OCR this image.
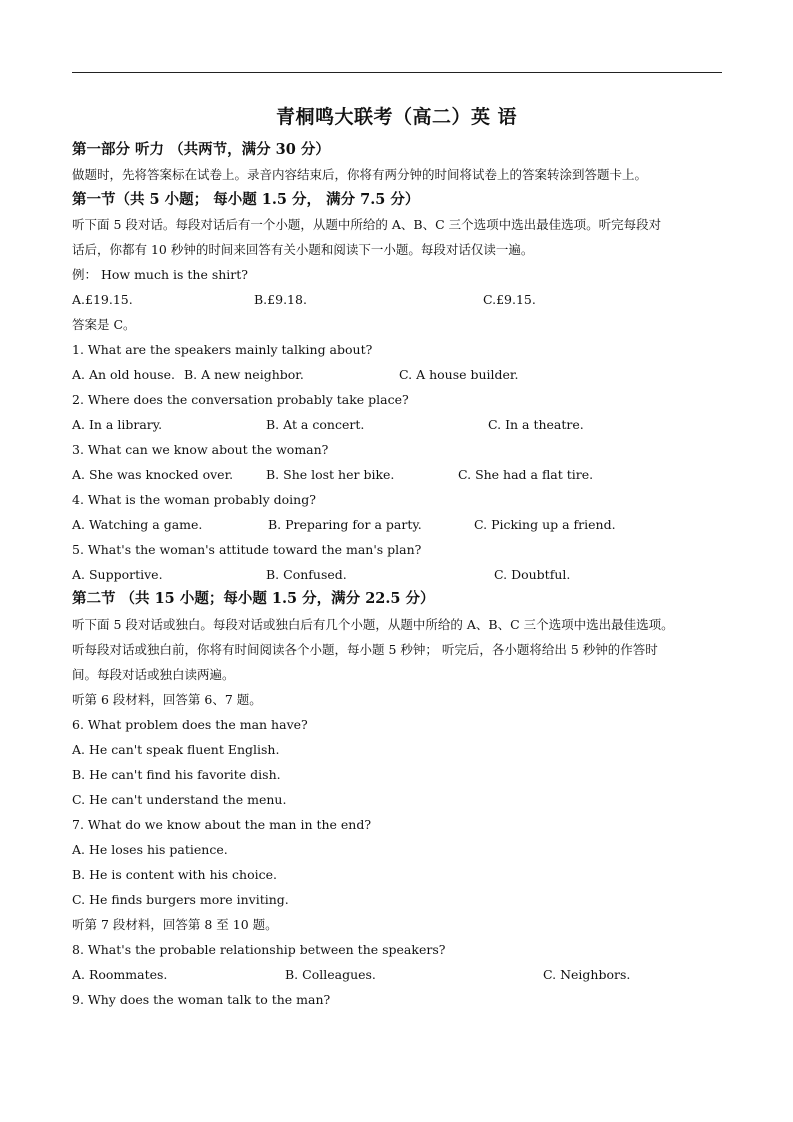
青桐鸣大联考（高二）英 语
第一部分 听力 （共两节，满分 30 分）
做题时，先将答案标在试卷上。录音内容结束后，你将有两分钟的时间将试卷上的答案转涂到答题卡上。
第一节（共 5 小题； 每小题 1.5 分， 满分 7.5 分）
听下面 5 段对话。每段对话后有一个小题，从题中所给的 A、B、C 三个选项中选出最佳选项。听完每段对
话后，你都有 10 秒钟的时间来回答有关小题和阅读下一小题。每段对话仅读一遍。
例： How much is the shirt?
A.£19.15.	B.£9.18.	C.£9.15.
答案是 C。
1. What are the speakers mainly talking about?
A. An old house. B. A new neighbor.	C. A house builder.
2. Where does the conversation probably take place?
A. In a library.	B. At a concert.	C. In a theatre.
3. What can we know about the woman?
A. She was knocked over.	B. She lost her bike.	C. She had a flat tire.
4. What is the woman probably doing?
A. Watching a game.	B. Preparing for a party.	C. Picking up a friend.
5. What's the woman's attitude toward the man's plan?
A. Supportive.	B. Confused.	C. Doubtful.
第二节 （共 15 小题；每小题 1.5 分，满分 22.5 分）
听下面 5 段对话或独白。每段对话或独白后有几个小题，从题中所给的 A、B、C 三个选项中选出最佳选项。
听每段对话或独白前，你将有时间阅读各个小题，每小题 5 秒钟； 听完后，各小题将给出 5 秒钟的作答时
间。每段对话或独白读两遍。
听第 6 段材料，回答第 6、7 题。
6. What problem does the man have?
A. He can't speak fluent English.
B. He can't find his favorite dish.
C. He can't understand the menu.
7. What do we know about the man in the end?
A. He loses his patience.
B. He is content with his choice.
C. He finds burgers more inviting.
听第 7 段材料，回答第 8 至 10 题。
8. What's the probable relationship between the speakers?
A. Roommates.	B. Colleagues.	C. Neighbors.
9. Why does the woman talk to the man?
